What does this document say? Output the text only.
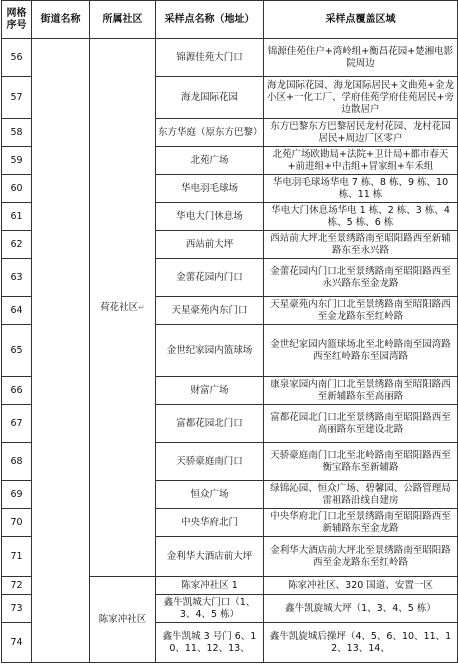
网格序号	街道名称	所属社区	采样点名称（地址）	采样点覆盖区域
56		荷花社区↵	锦源佳苑大门口	锦源佳苑住户+湾岭组+衡昌花园+楚湘电影院周边
57			海龙国际花园	海龙国际花园、海龙国际居民+文曲苑+金龙小区+一化工厂、学府佳苑学府佳苑居民+旁边散居户
58			东方华庭（原东方巴黎）	东方巴黎东方巴黎居民龙村花园、龙村花园居民+周边厂区零户
59			北苑广场	北苑广场欧勘局+法院+卫计局+都市春天+前进组+中击组+冒家组+车禾组
60			华电羽毛球场	华电羽毛球场华电 7 栋、8 栋、9 栋、10 栋、11 栋
61			华电大门休息场	华电大门休息场华电 1 栋、2 栋、3 栋、4 栋、5 栋、6 栋
62			西站前大坪	西站前大坪北至景绣路南至昭阳路西至新辅路东至永兴路
63			金蕾花园内门口	金蕾花园内门口北至景绣路南至昭阳路西至永兴路东至金龙路
64			天星豪苑内东门口	天星豪苑内东门口北至景绣路南至昭阳路西至金龙路东至红岭路
65			金世纪家园内篮球场	金世纪家园内篮球场北至北岭路南至园湾路西至红岭路东至园湾路
66			财富广场	康泉家园内南门口北至景绣路南至昭阳路西至新辅路东至高丽路
67			富都花园北门口	富都花园北门口北至景绣路南至昭阳路西至高丽路东至建设北路
68			天骄豪庭南门口	天骄豪庭南门口北至北岭路南至昭阳路西至衡宝路东至新辅路
69			恒众广场	绿锦沁园、恒众广场、碧馨园、公路管理局雷祖路沿线自建房
70			中央华府北门	中央华府北门口北至景绣路南至昭阳路西至新辅路东至金龙路
71			金利华大酒店前大坪	金利华大酒店前大坪北至景绣路南至昭阳路西至金龙路东至红岭路
72		陈家冲社区	陈家冲社区 1	陈家冲社区、320 国道、安置一区
73			鑫牛凯城大门口（1、3、4、5 栋）	鑫牛凯旋城大坪（1、3、4、5 栋）
74			鑫牛凯城 3 号门 6、10、11、12、13、	鑫牛凯旋城后操坪（4、5、6、10、11、12、13、14、
